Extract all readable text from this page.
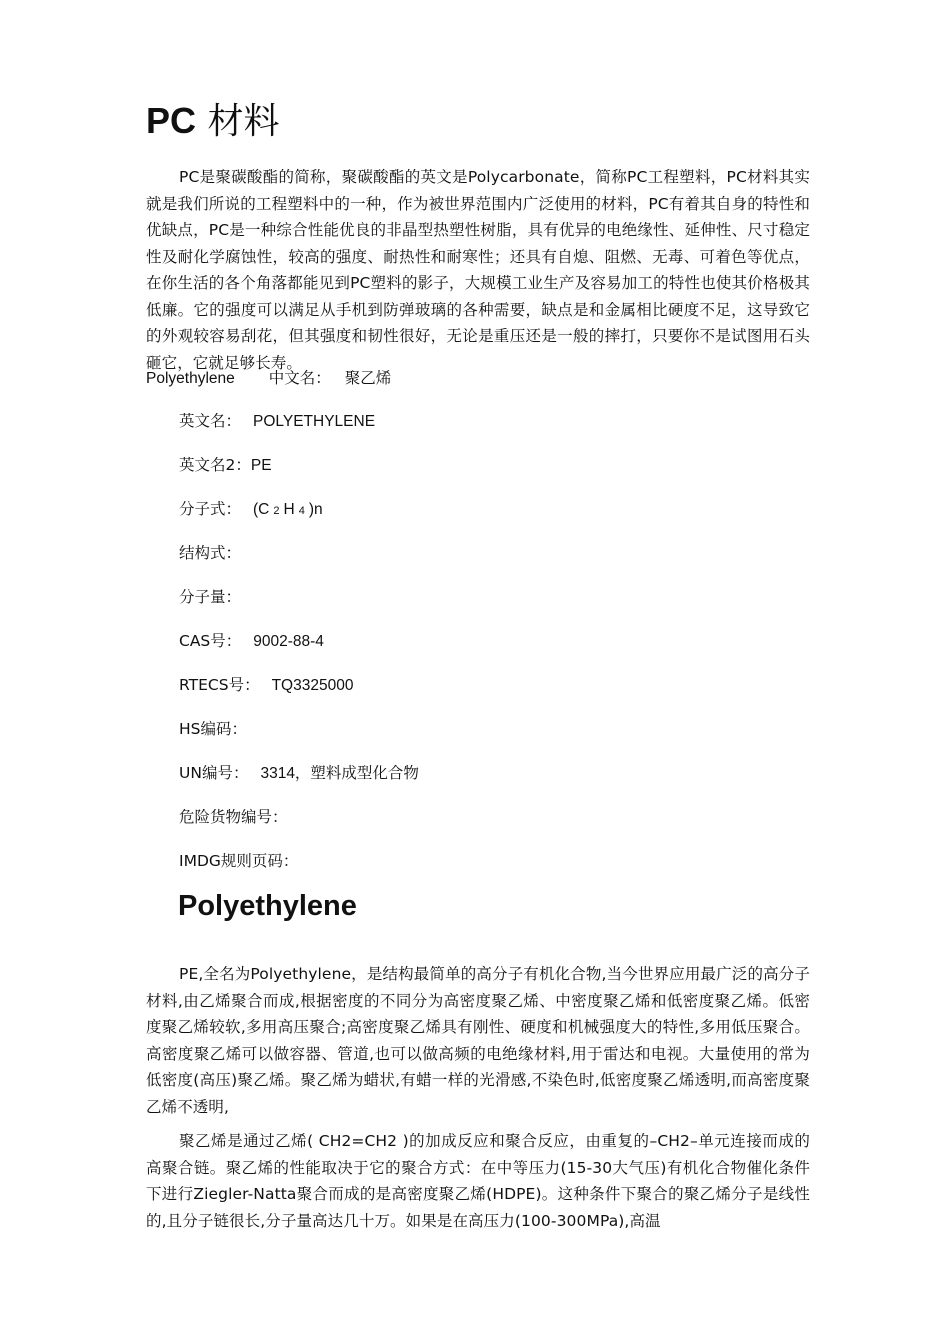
PC 材料
PC是聚碳酸酯的简称，聚碳酸酯的英文是Polycarbonate，简称PC工程塑料，PC材料其实就是我们所说的工程塑料中的一种，作为被世界范围内广泛使用的材料，PC有着其自身的特性和优缺点，PC是一种综合性能优良的非晶型热塑性树脂，具有优异的电绝缘性、延伸性、尺寸稳定性及耐化学腐蚀性，较高的强度、耐热性和耐寒性；还具有自熄、阻燃、无毒、可着色等优点，在你生活的各个角落都能见到PC塑料的影子，大规模工业生产及容易加工的特性也使其价格极其低廉。它的强度可以满足从手机到防弹玻璃的各种需要，缺点是和金属相比硬度不足，这导致它的外观较容易刮花，但其强度和韧性很好，无论是重压还是一般的摔打，只要你不是试图用石头砸它，它就足够长寿。
Polyethylene 中文名： 聚乙烯
英文名： POLYETHYLENE
英文名2：PE
分子式： (C 2 H 4 )n
结构式：
分子量：
CAS号： 9002-88-4
RTECS号： TQ3325000
HS编码：
UN编号： 3314，塑料成型化合物
危险货物编号：
IMDG规则页码：
Polyethylene
PE,全名为Polyethylene，是结构最简单的高分子有机化合物,当今世界应用最广泛的高分子材料,由乙烯聚合而成,根据密度的不同分为高密度聚乙烯、中密度聚乙烯和低密度聚乙烯。低密度聚乙烯较软,多用高压聚合;高密度聚乙烯具有刚性、硬度和机械强度大的特性,多用低压聚合。高密度聚乙烯可以做容器、管道,也可以做高频的电绝缘材料,用于雷达和电视。大量使用的常为低密度(高压)聚乙烯。聚乙烯为蜡状,有蜡一样的光滑感,不染色时,低密度聚乙烯透明,而高密度聚乙烯不透明,
聚乙烯是通过乙烯( CH2=CH2 )的加成反应和聚合反应，由重复的–CH2–单元连接而成的高聚合链。聚乙烯的性能取决于它的聚合方式：在中等压力(15-30大气压)有机化合物催化条件下进行Ziegler-Natta聚合而成的是高密度聚乙烯(HDPE)。这种条件下聚合的聚乙烯分子是线性的,且分子链很长,分子量高达几十万。如果是在高压力(100-300MPa),高温
